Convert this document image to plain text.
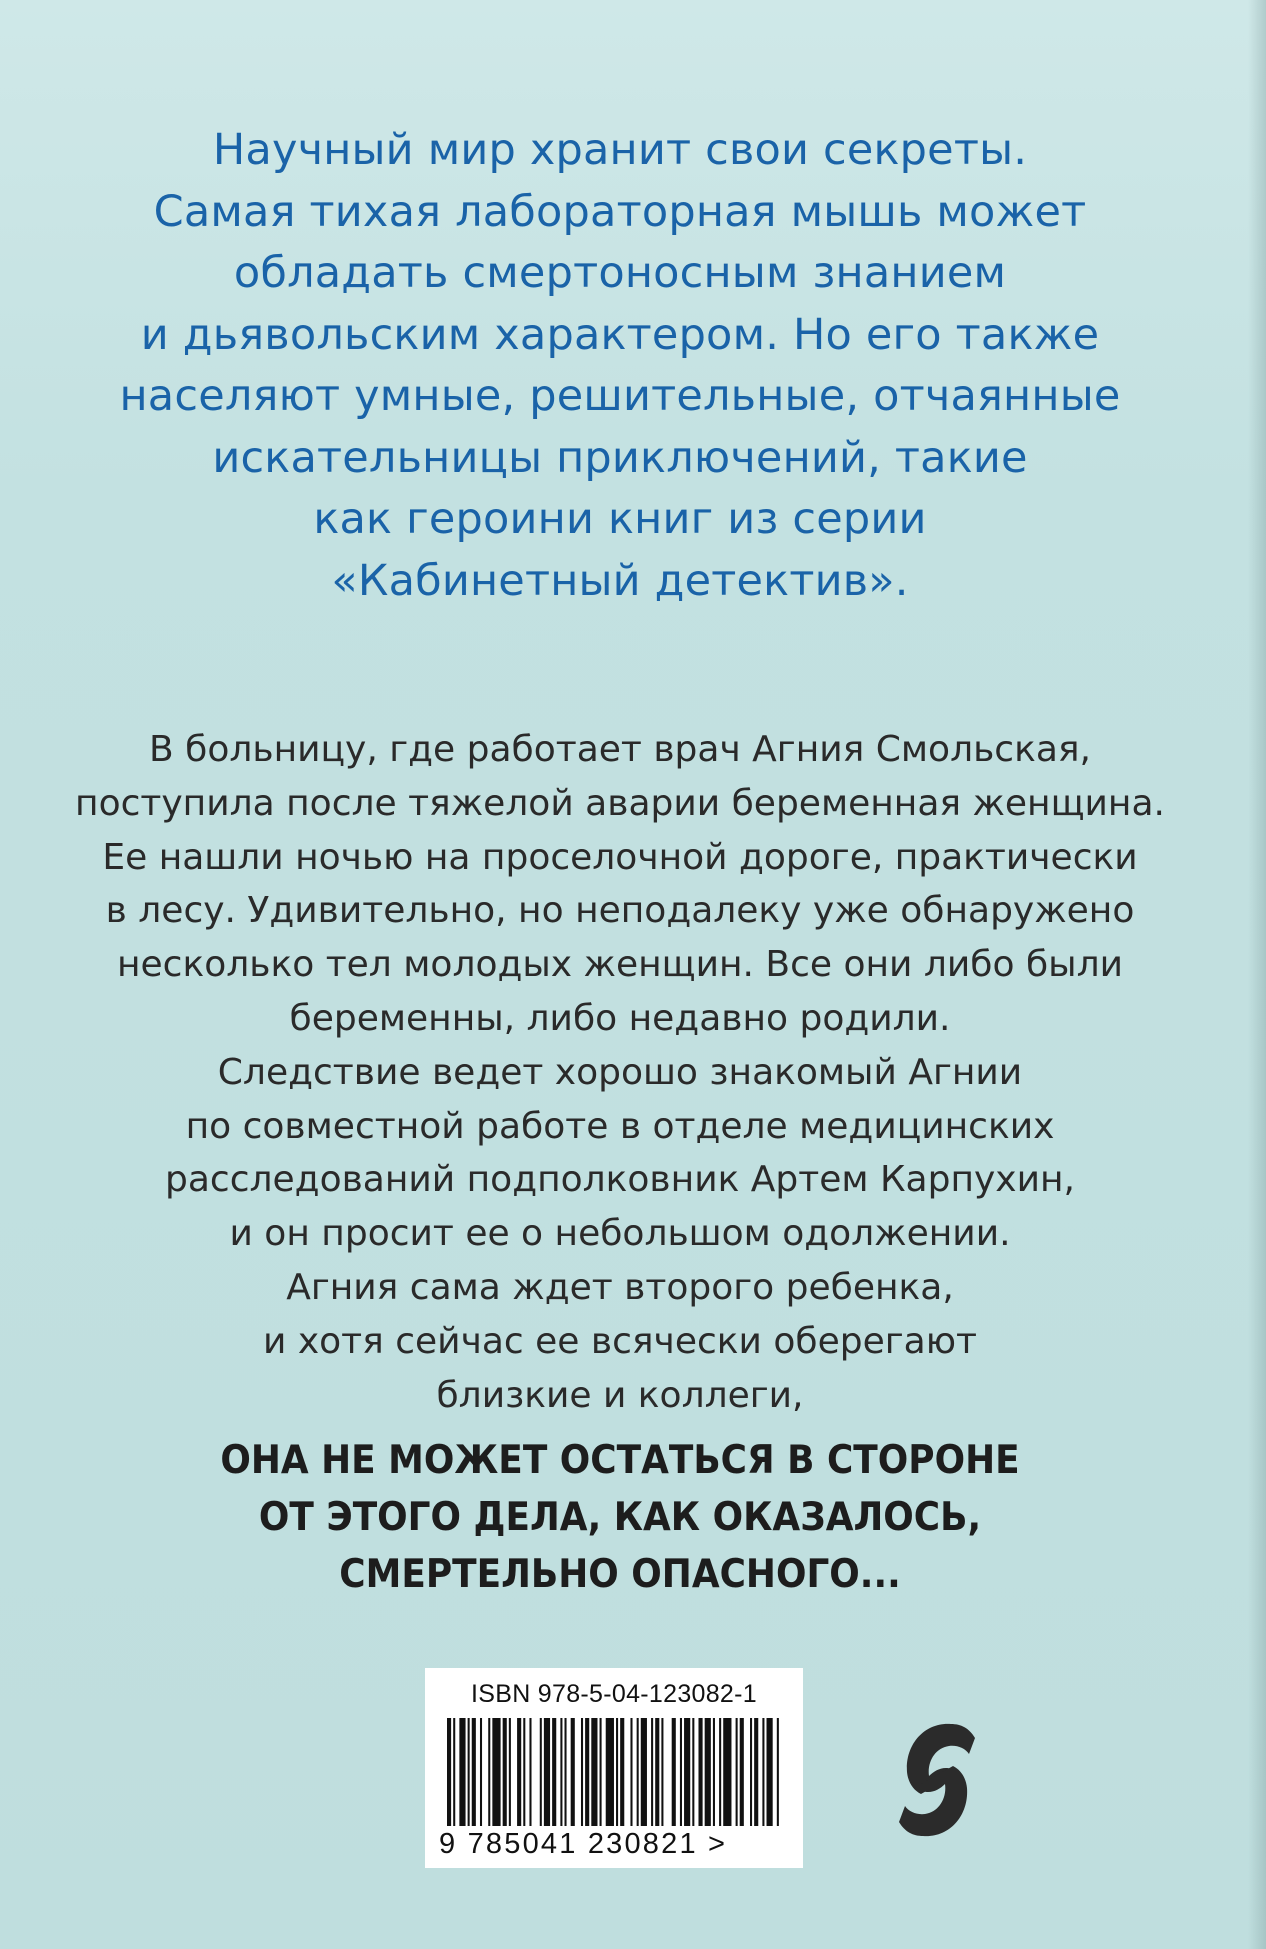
Научный мир хранит свои секреты.
Самая тихая лабораторная мышь может
обладать смертоносным знанием
и дьявольским характером. Но его также
населяют умные, решительные, отчаянные
искательницы приключений, такие
как героини книг из серии
«Кабинетный детектив».
В больницу, где работает врач Агния Смольская,
поступила после тяжелой аварии беременная женщина.
Ее нашли ночью на проселочной дороге, практически
в лесу. Удивительно, но неподалеку уже обнаружено
несколько тел молодых женщин. Все они либо были
беременны, либо недавно родили.
Следствие ведет хорошо знакомый Агнии
по совместной работе в отделе медицинских
расследований подполковник Артем Карпухин,
и он просит ее о небольшом одолжении.
Агния сама ждет второго ребенка,
и хотя сейчас ее всячески оберегают
близкие и коллеги,
ОНА НЕ МОЖЕТ ОСТАТЬСЯ В СТОРОНЕ
ОТ ЭТОГО ДЕЛА, КАК ОКАЗАЛОСЬ,
СМЕРТЕЛЬНО ОПАСНОГО...
ISBN 978-5-04-123082-1
9 785041 230821 >
